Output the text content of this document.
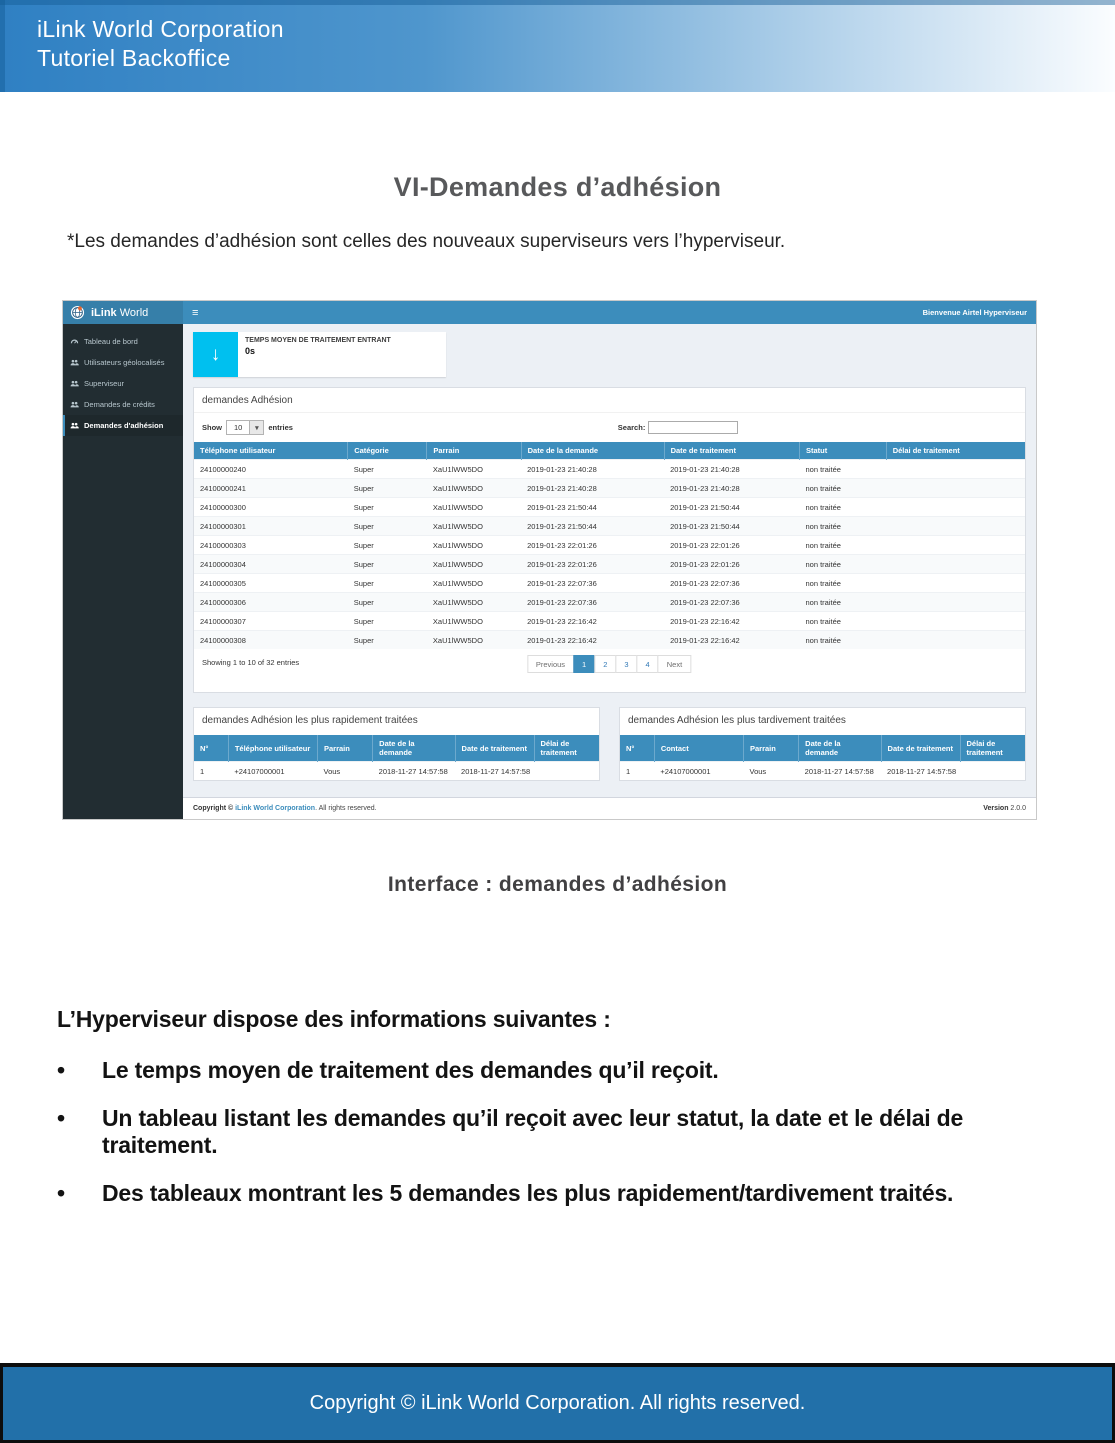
iLink World Corporation
Tutoriel Backoffice
VI-Demandes d’adhésion
*Les demandes d’adhésion sont celles des nouveaux superviseurs vers l’hyperviseur.
iLink World	≡	Bienvenue Airtel Hyperviseur
Tableau de bord
Utilisateurs géolocalisés
Superviseur
Demandes de crédits
Demandes d'adhésion
↓
TEMPS MOYEN DE TRAITEMENT ENTRANT
0s
demandes Adhésion
Show	10	▾	entries	Search:
Téléphone utilisateur	Catégorie	Parrain	Date de la demande	Date de traitement	Statut	Délai de traitement
24100000240	Super	XaU1lWW5DO	2019-01-23 21:40:28	2019-01-23 21:40:28	non traitée	
24100000241	Super	XaU1lWW5DO	2019-01-23 21:40:28	2019-01-23 21:40:28	non traitée	
24100000300	Super	XaU1lWW5DO	2019-01-23 21:50:44	2019-01-23 21:50:44	non traitée	
24100000301	Super	XaU1lWW5DO	2019-01-23 21:50:44	2019-01-23 21:50:44	non traitée	
24100000303	Super	XaU1lWW5DO	2019-01-23 22:01:26	2019-01-23 22:01:26	non traitée	
24100000304	Super	XaU1lWW5DO	2019-01-23 22:01:26	2019-01-23 22:01:26	non traitée	
24100000305	Super	XaU1lWW5DO	2019-01-23 22:07:36	2019-01-23 22:07:36	non traitée	
24100000306	Super	XaU1lWW5DO	2019-01-23 22:07:36	2019-01-23 22:07:36	non traitée	
24100000307	Super	XaU1lWW5DO	2019-01-23 22:16:42	2019-01-23 22:16:42	non traitée	
24100000308	Super	XaU1lWW5DO	2019-01-23 22:16:42	2019-01-23 22:16:42	non traitée	
Showing 1 to 10 of 32 entries	Previous	1	2	3	4	Next
demandes Adhésion les plus rapidement traitées
N°	Téléphone utilisateur	Parrain	Date de la demande	Date de traitement	Délai de traitement
1	+24107000001	Vous	2018-11-27 14:57:58	2018-11-27 14:57:58	
demandes Adhésion les plus tardivement traitées
N°	Contact	Parrain	Date de la demande	Date de traitement	Délai de traitement
1	+24107000001	Vous	2018-11-27 14:57:58	2018-11-27 14:57:58	
Copyright © iLink World Corporation. All rights reserved.	Version 2.0.0
Interface : demandes d’adhésion
L’Hyperviseur dispose des informations suivantes :
•	Le temps moyen de traitement des demandes qu’il reçoit.
•	Un tableau listant les demandes qu’il reçoit avec leur statut, la date et le délai de traitement.
•	Des tableaux montrant les 5 demandes les plus rapidement/tardivement traités.
Copyright © iLink World Corporation. All rights reserved.
